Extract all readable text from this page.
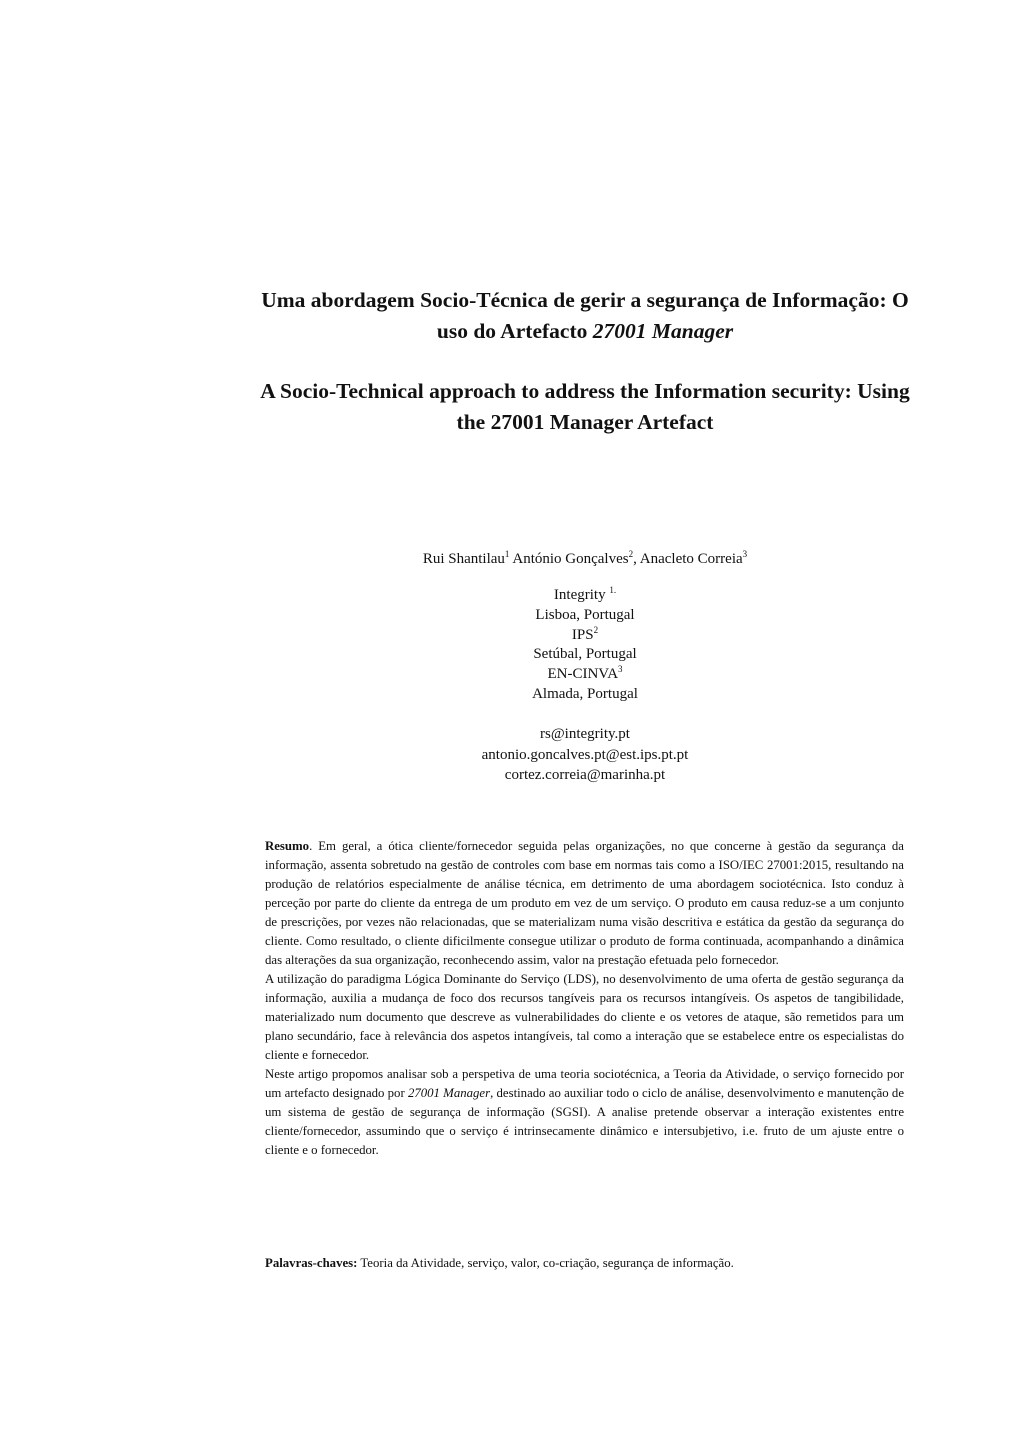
Uma abordagem Socio-Técnica de gerir a segurança de Informação: O
uso do Artefacto 27001 Manager
A Socio-Technical approach to address the Information security: Using
the 27001 Manager Artefact
Rui Shantilau$^1$ António Gonçalves$^2$, Anacleto Correia$^3$
Integrity $^{1.}$
Lisboa, Portugal
IPS$^2$
Setúbal, Portugal
EN-CINVA$^3$
Almada, Portugal
rs@integrity.pt
antonio.goncalves.pt@est.ips.pt.pt
cortez.correia@marinha.pt

Resumo. Em geral, a ótica cliente/fornecedor seguida pelas organizações, no que concerne à gestão da segurança da informação, assenta sobretudo na gestão de controles com base em normas tais como a ISO/IEC 27001:2015, resultando na produção de relatórios especialmente de análise técnica, em detrimento de uma abordagem sociotécnica. Isto conduz à perceção por parte do cliente da entrega de um produto em vez de um serviço. O produto em causa reduz-se a um conjunto de prescrições, por vezes não relacionadas, que se materializam numa visão descritiva e estática da gestão da segurança do cliente. Como resultado, o cliente dificilmente consegue utilizar o produto de forma continuada, acompanhando a dinâmica das alterações da sua organização, reconhecendo assim, valor na prestação efetuada pelo fornecedor.

A utilização do paradigma Lógica Dominante do Serviço (LDS), no desenvolvimento de uma oferta de gestão segurança da informação, auxilia a mudança de foco dos recursos tangíveis para os recursos intangíveis. Os aspetos de tangibilidade, materializado num documento que descreve as vulnerabilidades do cliente e os vetores de ataque, são remetidos para um plano secundário, face à relevância dos aspetos intangíveis, tal como a interação que se estabelece entre os especialistas do cliente e fornecedor.

Neste artigo propomos analisar sob a perspetiva de uma teoria sociotécnica, a Teoria da Atividade, o serviço fornecido por um artefacto designado por 27001 Manager, destinado ao auxiliar todo o ciclo de análise, desenvolvimento e manutenção de um sistema de gestão de segurança de informação (SGSI). A analise pretende observar a interação existentes entre cliente/fornecedor, assumindo que o serviço é intrinsecamente dinâmico e intersubjetivo, i.e. fruto de um ajuste entre o cliente e o fornecedor.

Palavras-chaves: Teoria da Atividade, serviço, valor, co-criação, segurança de informação.
